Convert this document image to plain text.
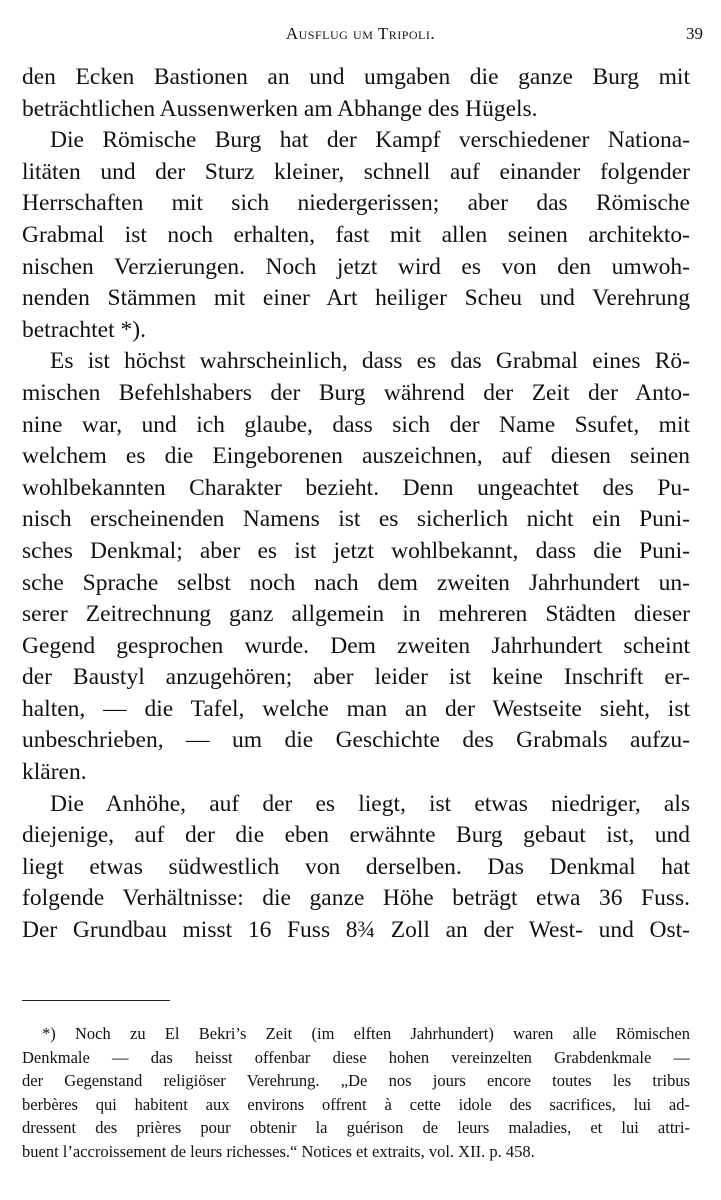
Ausflug um Tripoli.	39
den Ecken Bastionen an und umgaben die ganze Burg mit
beträchtlichen Aussenwerken am Abhange des Hügels.
Die Römische Burg hat der Kampf verschiedener Nationa-
litäten und der Sturz kleiner, schnell auf einander folgender
Herrschaften mit sich niedergerissen; aber das Römische
Grabmal ist noch erhalten, fast mit allen seinen architekto-
nischen Verzierungen. Noch jetzt wird es von den umwoh-
nenden Stämmen mit einer Art heiliger Scheu und Verehrung
betrachtet *).
Es ist höchst wahrscheinlich, dass es das Grabmal eines Rö-
mischen Befehlshabers der Burg während der Zeit der Anto-
nine war, und ich glaube, dass sich der Name Ssufet, mit
welchem es die Eingeborenen auszeichnen, auf diesen seinen
wohlbekannten Charakter bezieht. Denn ungeachtet des Pu-
nisch erscheinenden Namens ist es sicherlich nicht ein Puni-
sches Denkmal; aber es ist jetzt wohlbekannt, dass die Puni-
sche Sprache selbst noch nach dem zweiten Jahrhundert un-
serer Zeitrechnung ganz allgemein in mehreren Städten dieser
Gegend gesprochen wurde. Dem zweiten Jahrhundert scheint
der Baustyl anzugehören; aber leider ist keine Inschrift er-
halten, — die Tafel, welche man an der Westseite sieht, ist
unbeschrieben, — um die Geschichte des Grabmals aufzu-
klären.
Die Anhöhe, auf der es liegt, ist etwas niedriger, als
diejenige, auf der die eben erwähnte Burg gebaut ist, und
liegt etwas südwestlich von derselben. Das Denkmal hat
folgende Verhältnisse: die ganze Höhe beträgt etwa 36 Fuss.
Der Grundbau misst 16 Fuss 8¾ Zoll an der West- und Ost-
*) Noch zu El Bekri’s Zeit (im elften Jahrhundert) waren alle Römischen
Denkmale — das heisst offenbar diese hohen vereinzelten Grabdenkmale —
der Gegenstand religiöser Verehrung. „De nos jours encore toutes les tribus
berbères qui habitent aux environs offrent à cette idole des sacrifices, lui ad-
dressent des prières pour obtenir la guérison de leurs maladies, et lui attri-
buent l’accroissement de leurs richesses.“ Notices et extraits, vol. XII. p. 458.
